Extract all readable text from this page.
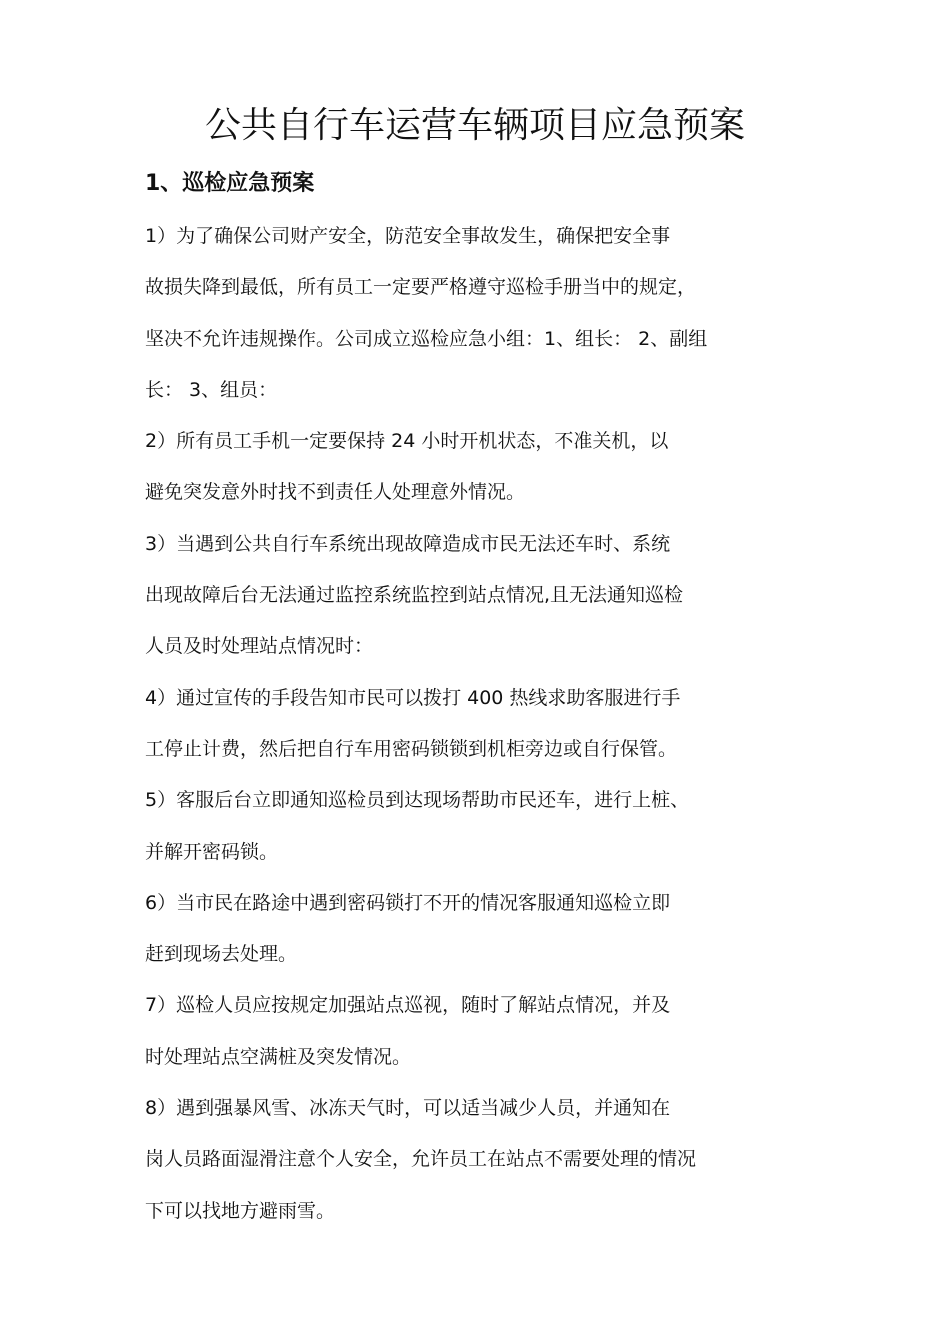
公共自行车运营车辆项目应急预案
1、巡检应急预案
1）为了确保公司财产安全，防范安全事故发生，确保把安全事
故损失降到最低，所有员工一定要严格遵守巡检手册当中的规定，
坚决不允许违规操作。公司成立巡检应急小组：1、组长： 2、副组
长： 3、组员：
2）所有员工手机一定要保持 24 小时开机状态，不准关机，以
避免突发意外时找不到责任人处理意外情况。
3）当遇到公共自行车系统出现故障造成市民无法还车时、系统
出现故障后台无法通过监控系统监控到站点情况,且无法通知巡检
人员及时处理站点情况时：
4）通过宣传的手段告知市民可以拨打 400 热线求助客服进行手
工停止计费，然后把自行车用密码锁锁到机柜旁边或自行保管。
5）客服后台立即通知巡检员到达现场帮助市民还车，进行上桩、
并解开密码锁。
6）当市民在路途中遇到密码锁打不开的情况客服通知巡检立即
赶到现场去处理。
7）巡检人员应按规定加强站点巡视，随时了解站点情况，并及
时处理站点空满桩及突发情况。
8）遇到强暴风雪、冰冻天气时，可以适当减少人员，并通知在
岗人员路面湿滑注意个人安全，允许员工在站点不需要处理的情况
下可以找地方避雨雪。
